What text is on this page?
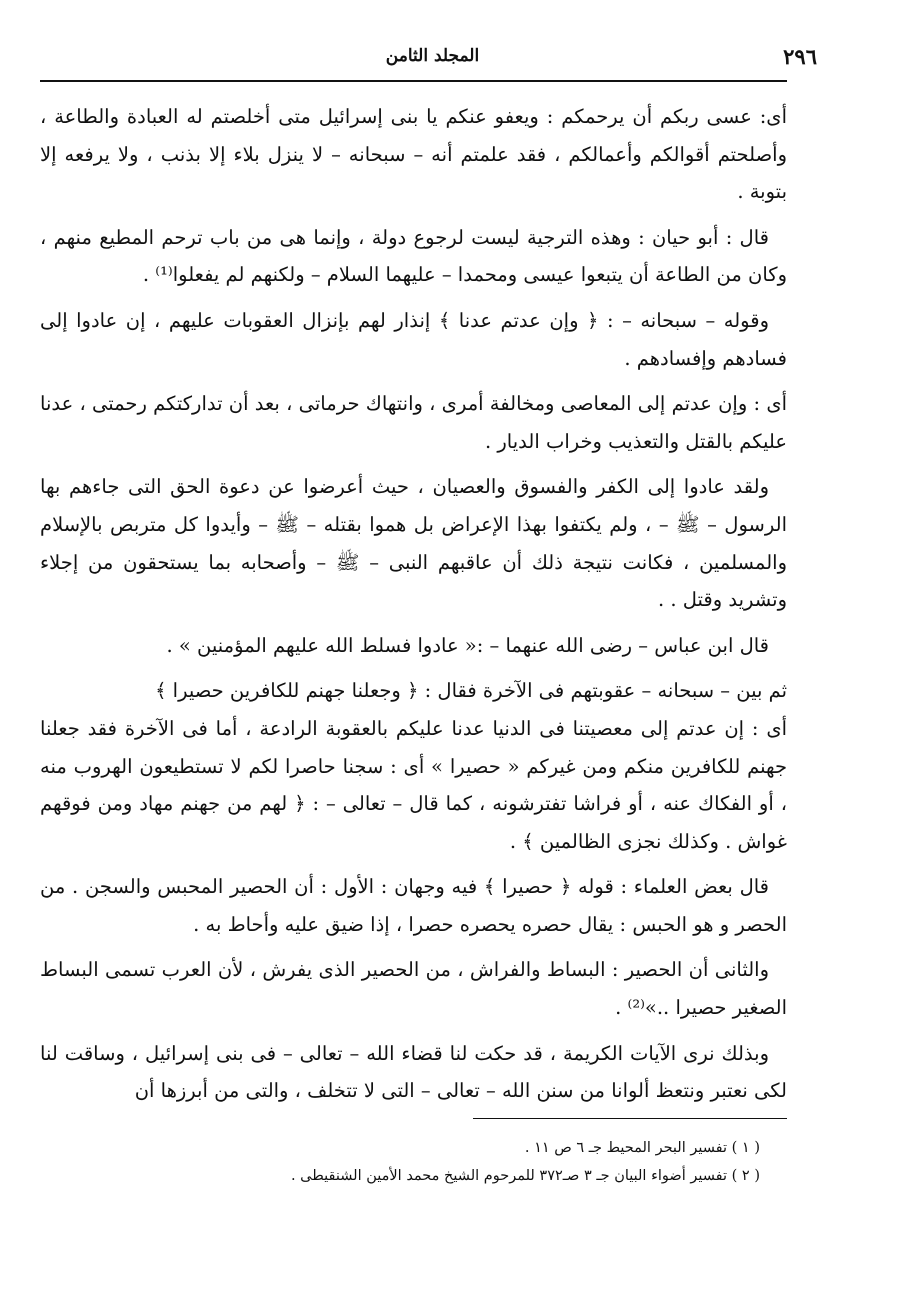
٢٩٦
المجلد الثامن

أى: عسى ربكم أن يرحمكم : ويعفو عنكم يا بنى إسرائيل متى أخلصتم له العبادة والطاعة ، وأصلحتم أقوالكم وأعمالكم ، فقد علمتم أنه – سبحانه – لا ينزل بلاء إلا بذنب ، ولا يرفعه إلا بتوبة .

قال : أبو حيان : وهذه الترجية ليست لرجوع دولة ، وإنما هى من باب ترحم المطيع منهم ، وكان من الطاعة أن يتبعوا عيسى ومحمدا – عليهما السلام – ولكنهم لم يفعلوا⁽¹⁾ .

وقوله – سبحانه – : ﴿ وإن عدتم عدنا ﴾ إنذار لهم بإنزال العقوبات عليهم ، إن عادوا إلى فسادهم وإفسادهم .

أى : وإن عدتم إلى المعاصى ومخالفة أمرى ، وانتهاك حرماتى ، بعد أن تداركتكم رحمتى ، عدنا عليكم بالقتل والتعذيب وخراب الديار .

ولقد عادوا إلى الكفر والفسوق والعصيان ، حيث أعرضوا عن دعوة الحق التى جاءهم بها الرسول – ﷺ – ، ولم يكتفوا بهذا الإعراض بل هموا بقتله – ﷺ – وأيدوا كل متربص بالإسلام والمسلمين ، فكانت نتيجة ذلك أن عاقبهم النبى – ﷺ – وأصحابه بما يستحقون من إجلاء وتشريد وقتل . .

قال ابن عباس – رضى الله عنهما – :« عادوا فسلط الله عليهم المؤمنين » .

ثم بين – سبحانه – عقوبتهم فى الآخرة فقال : ﴿ وجعلنا جهنم للكافرين حصيرا ﴾

أى : إن عدتم إلى معصيتنا فى الدنيا عدنا عليكم بالعقوبة الرادعة ، أما فى الآخرة فقد جعلنا جهنم للكافرين منكم ومن غيركم « حصيرا » أى : سجنا حاصرا لكم لا تستطيعون الهروب منه ، أو الفكاك عنه ، أو فراشا تفترشونه ، كما قال – تعالى – : ﴿ لهم من جهنم مهاد ومن فوقهم غواش . وكذلك نجزى الظالمين ﴾ .

قال بعض العلماء : قوله ﴿ حصيرا ﴾ فيه وجهان : الأول : أن الحصير المحبس والسجن . من الحصر و هو الحبس : يقال حصره يحصره حصرا ، إذا ضيق عليه وأحاط به .

والثانى أن الحصير : البساط والفراش ، من الحصير الذى يفرش ، لأن العرب تسمى البساط الصغير حصيرا ..»⁽²⁾ .

وبذلك نرى الآيات الكريمة ، قد حكت لنا قضاء الله – تعالى – فى بنى إسرائيل ، وساقت لنا لكى نعتبر ونتعظ ألوانا من سنن الله – تعالى – التى لا تتخلف ، والتى من أبرزها أن

( ١ ) تفسير البحر المحيط جـ ٦ ص ١١ .

( ٢ ) تفسير أضواء البيان جـ ٣ صـ٣٧٢ للمرحوم الشيخ محمد الأمين الشنقيطى .
